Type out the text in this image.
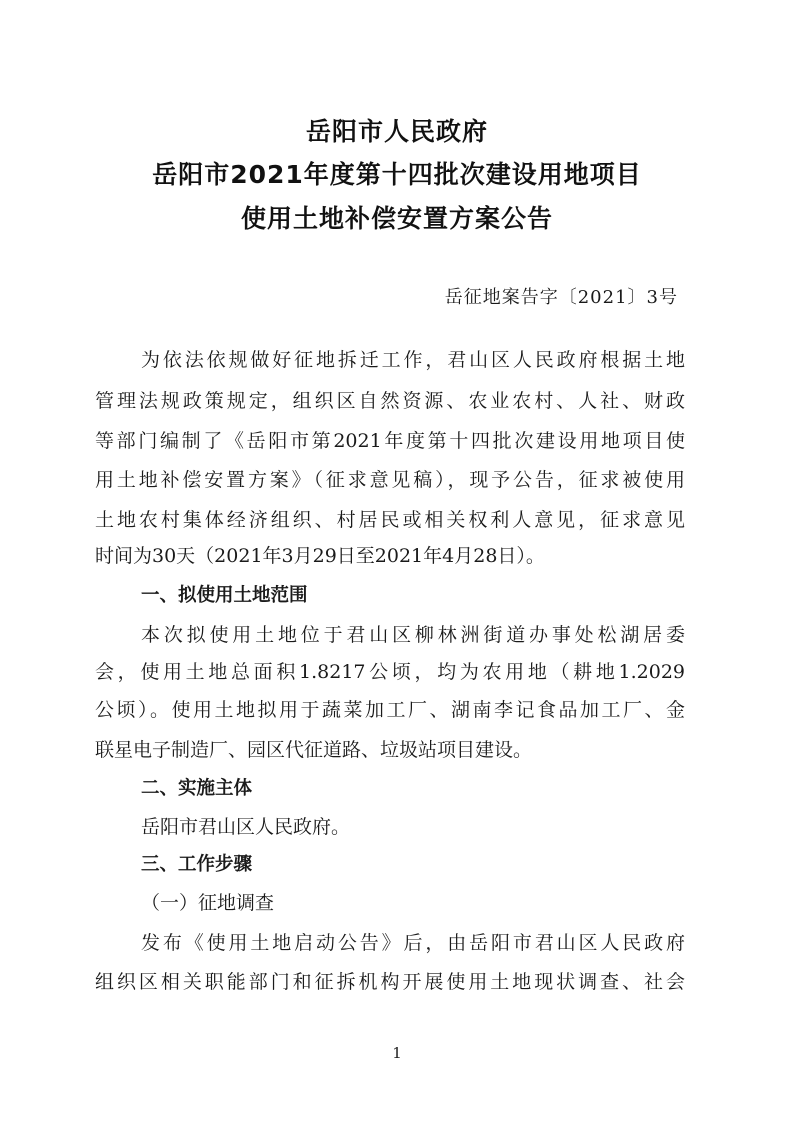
岳阳市人民政府
岳阳市2021年度第十四批次建设用地项目
使用土地补偿安置方案公告
岳征地案告字〔2021〕3号
为依法依规做好征地拆迁工作，君山区人民政府根据土地
管理法规政策规定，组织区自然资源、农业农村、人社、财政
等部门编制了《岳阳市第2021年度第十四批次建设用地项目使
用土地补偿安置方案》（征求意见稿），现予公告，征求被使用
土地农村集体经济组织、村居民或相关权利人意见，征求意见
时间为30天（2021年3月29日至2021年4月28日）。
一、拟使用土地范围
本次拟使用土地位于君山区柳林洲街道办事处松湖居委
会，使用土地总面积1.8217公顷，均为农用地（耕地1.2029
公顷）。使用土地拟用于蔬菜加工厂、湖南李记食品加工厂、金
联星电子制造厂、园区代征道路、垃圾站项目建设。
二、实施主体
岳阳市君山区人民政府。
三、工作步骤
（一）征地调查
发布《使用土地启动公告》后，由岳阳市君山区人民政府
组织区相关职能部门和征拆机构开展使用土地现状调查、社会
1
